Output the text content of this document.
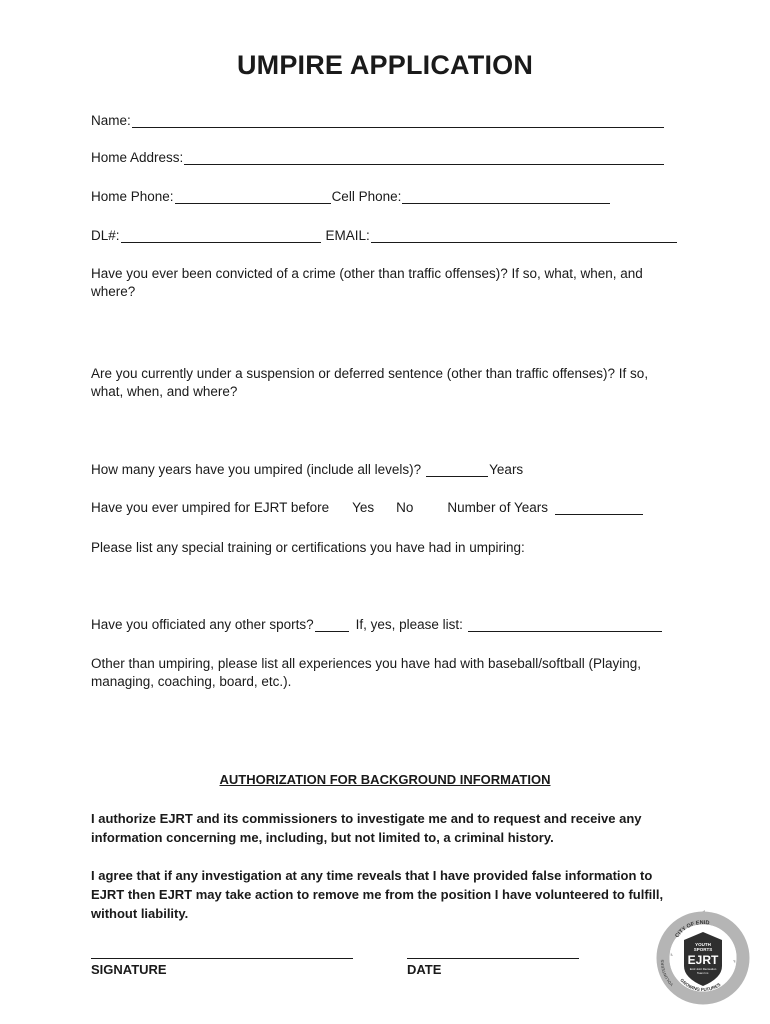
UMPIRE APPLICATION
Name:
Home Address:
Home Phone:	Cell Phone:
DL#:	EMAIL:
Have you ever been convicted of a crime (other than traffic offenses)? If so, what, when, and where?
Are you currently under a suspension or deferred sentence (other than traffic offenses)? If so, what, when, and where?
How many years have you umpired (include all levels)?	Years
Have you ever umpired for EJRT before Yes No	Number of Years
Please list any special training or certifications you have had in umpiring:
Have you officiated any other sports?	If, yes, please list:
Other than umpiring, please list all experiences you have had with baseball/softball (Playing, managing, coaching, board, etc.).
AUTHORIZATION FOR BACKGROUND INFORMATION
I authorize EJRT and its commissioners to investigate me and to request and receive any information concerning me, including, but not limited to, a criminal history.
I agree that if any investigation at any time reveals that I have provided false information to EJRT then EJRT may take action to remove me from the position I have volunteered to fulfill, without liability.
SIGNATURE	DATE
YOUTH
SPORTS
EJRT
Enid Joint Recreation
Team Inc.
CITY OF ENID
GROWING FUTURES
VOLUNTEERS
